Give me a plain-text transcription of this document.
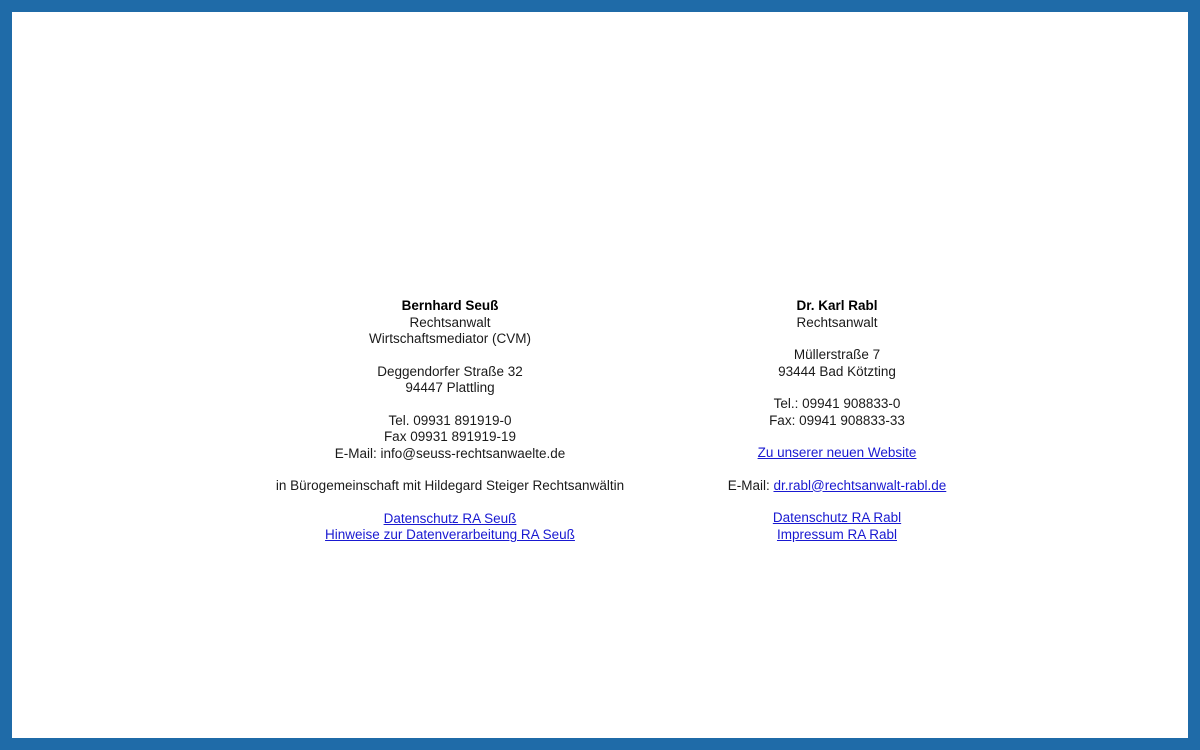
Bernhard Seuß
Rechtsanwalt
Wirtschaftsmediator (CVM)
Deggendorfer Straße 32
94447 Plattling
Tel. 09931 891919-0
Fax 09931 891919-19
E-Mail: info@seuss-rechtsanwaelte.de
in Bürogemeinschaft mit Hildegard Steiger Rechtsanwältin
Datenschutz RA Seuß
Hinweise zur Datenverarbeitung RA Seuß
Dr. Karl Rabl
Rechtsanwalt
Müllerstraße 7
93444 Bad Kötzting
Tel.: 09941 908833-0
Fax: 09941 908833-33
Zu unserer neuen Website
E-Mail: dr.rabl@rechtsanwalt-rabl.de
Datenschutz RA Rabl
Impressum RA Rabl
